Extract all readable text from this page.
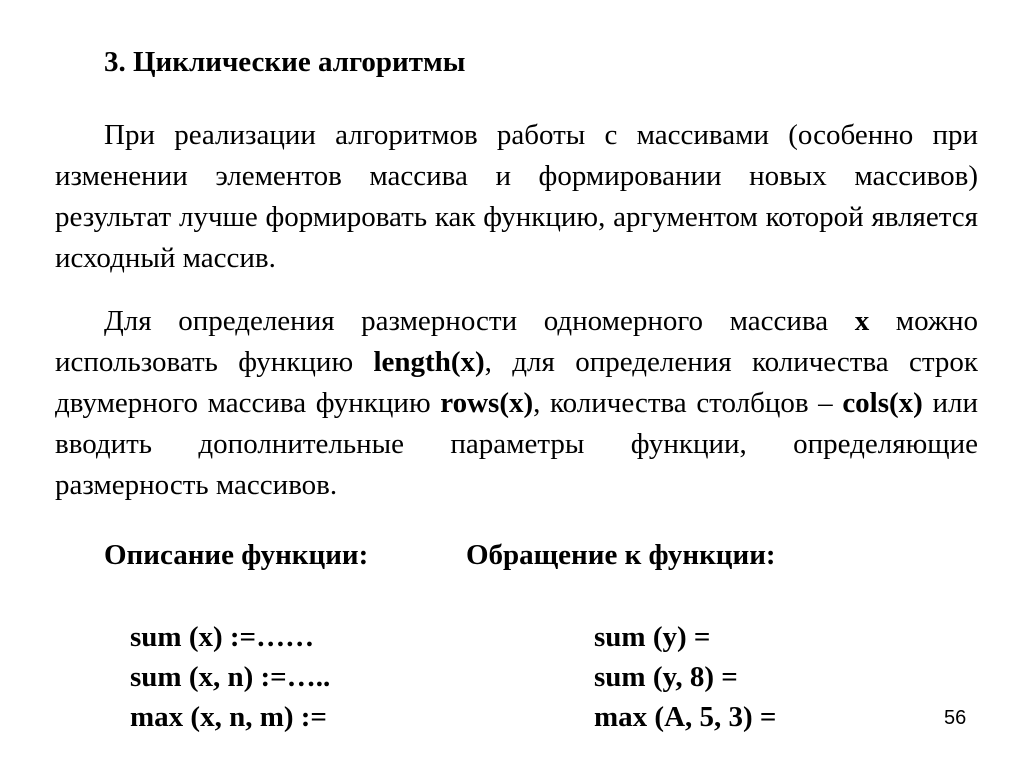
3. Циклические алгоритмы

При реализации алгоритмов работы с массивами (особенно при изменении элементов массива и формировании новых массивов) результат лучше формировать как функцию, аргументом которой является исходный массив.

Для определения размерности одномерного массива x можно использовать функцию length(x), для определения количества строк двумерного массива функцию rows(x), количества столбцов – cols(x) или вводить дополнительные параметры функции, определяющие размерность массивов.

Описание функции:	Обращение к функции:
sum (x) :=……
sum (x, n) :=…..
max (x, n, m) :=
sum (y) =
sum (y, 8) =
max (A, 5, 3) =	56
